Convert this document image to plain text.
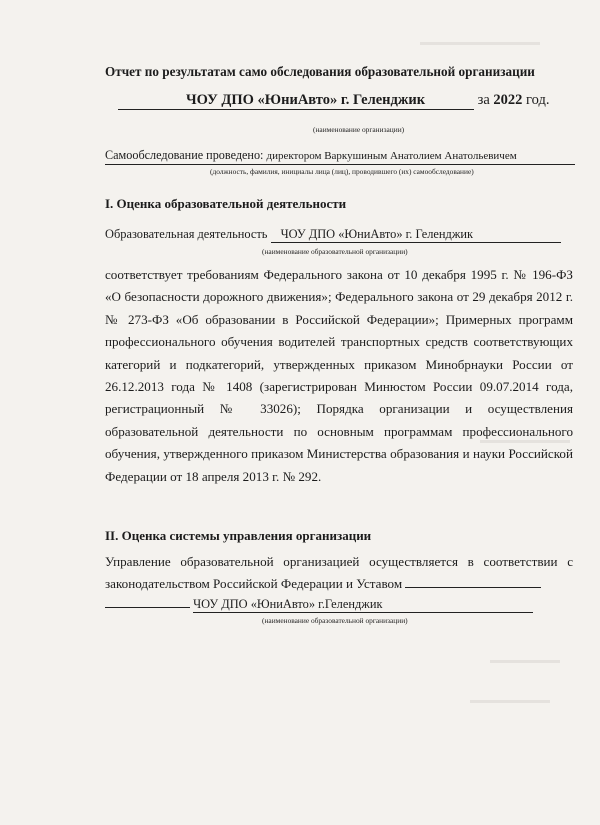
Отчет по результатам само обследования образовательной организации
ЧОУ ДПО «ЮниАвто» г. Геленджик	за 2022 год.
(наименование организации)
Самообследование проведено: директором Варкушиным Анатолием Анатольевичем
(должность, фамилия, инициалы лица (лиц), проводившего (их) самообследование)
I. Оценка образовательной деятельности
Образовательная деятельность ЧОУ ДПО «ЮниАвто» г. Геленджик
(наименование образовательной организации)
соответствует требованиям Федерального закона от 10 декабря 1995 г. № 196-ФЗ «О безопасности дорожного движения»; Федерального закона от 29 декабря 2012 г. № 273-ФЗ «Об образовании в Российской Федерации»; Примерных программ профессионального обучения водителей транспортных средств соответствующих категорий и подкатегорий, утвержденных приказом Минобрнауки России от 26.12.2013 года № 1408 (зарегистрирован Минюстом России 09.07.2014 года, регистрационный № 33026); Порядка организации и осуществления образовательной деятельности по основным программам профессионального обучения, утвержденного приказом Министерства образования и науки Российской Федерации от 18 апреля 2013 г. № 292.
II. Оценка системы управления организации
Управление образовательной организацией осуществляется в соответствии с законодательством Российской Федерации и Уставом
ЧОУ ДПО «ЮниАвто» г.Геленджик
(наименование образовательной организации)
